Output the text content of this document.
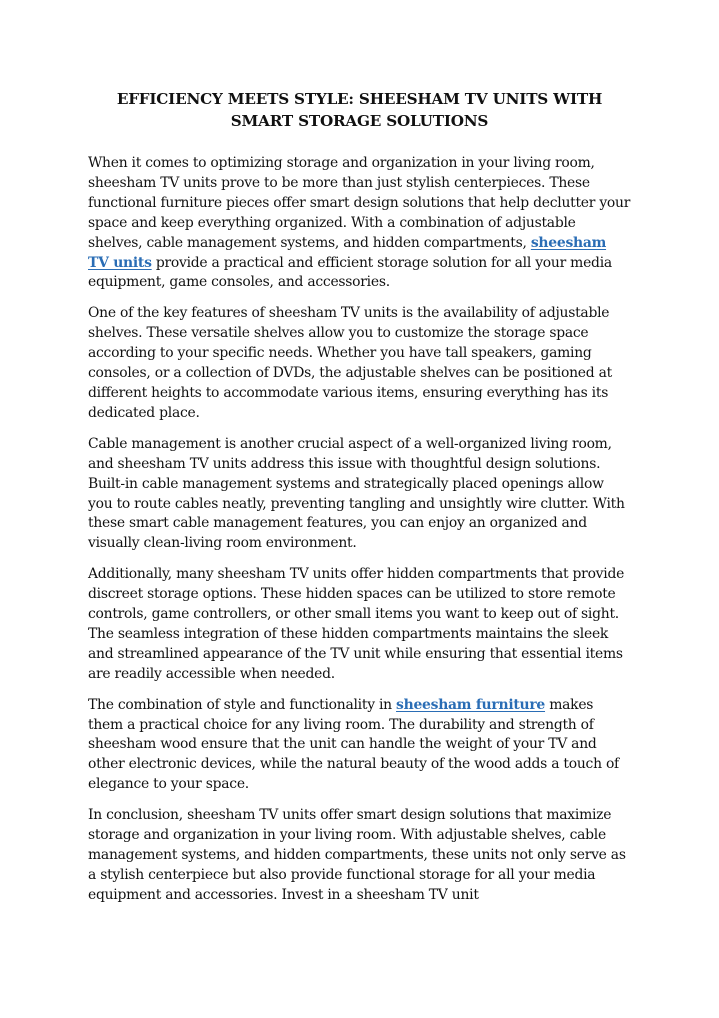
EFFICIENCY MEETS STYLE: SHEESHAM TV UNITS WITH SMART STORAGE SOLUTIONS

When it comes to optimizing storage and organization in your living room, sheesham TV units prove to be more than just stylish centerpieces. These functional furniture pieces offer smart design solutions that help declutter your space and keep everything organized. With a combination of adjustable shelves, cable management systems, and hidden compartments, sheesham TV units provide a practical and efficient storage solution for all your media equipment, game consoles, and accessories.

One of the key features of sheesham TV units is the availability of adjustable shelves. These versatile shelves allow you to customize the storage space according to your specific needs. Whether you have tall speakers, gaming consoles, or a collection of DVDs, the adjustable shelves can be positioned at different heights to accommodate various items, ensuring everything has its dedicated place.

Cable management is another crucial aspect of a well-organized living room, and sheesham TV units address this issue with thoughtful design solutions. Built-in cable management systems and strategically placed openings allow you to route cables neatly, preventing tangling and unsightly wire clutter. With these smart cable management features, you can enjoy an organized and visually clean-living room environment.

Additionally, many sheesham TV units offer hidden compartments that provide discreet storage options. These hidden spaces can be utilized to store remote controls, game controllers, or other small items you want to keep out of sight. The seamless integration of these hidden compartments maintains the sleek and streamlined appearance of the TV unit while ensuring that essential items are readily accessible when needed.

The combination of style and functionality in sheesham furniture makes them a practical choice for any living room. The durability and strength of sheesham wood ensure that the unit can handle the weight of your TV and other electronic devices, while the natural beauty of the wood adds a touch of elegance to your space.

In conclusion, sheesham TV units offer smart design solutions that maximize storage and organization in your living room. With adjustable shelves, cable management systems, and hidden compartments, these units not only serve as a stylish centerpiece but also provide functional storage for all your media equipment and accessories. Invest in a sheesham TV unit
